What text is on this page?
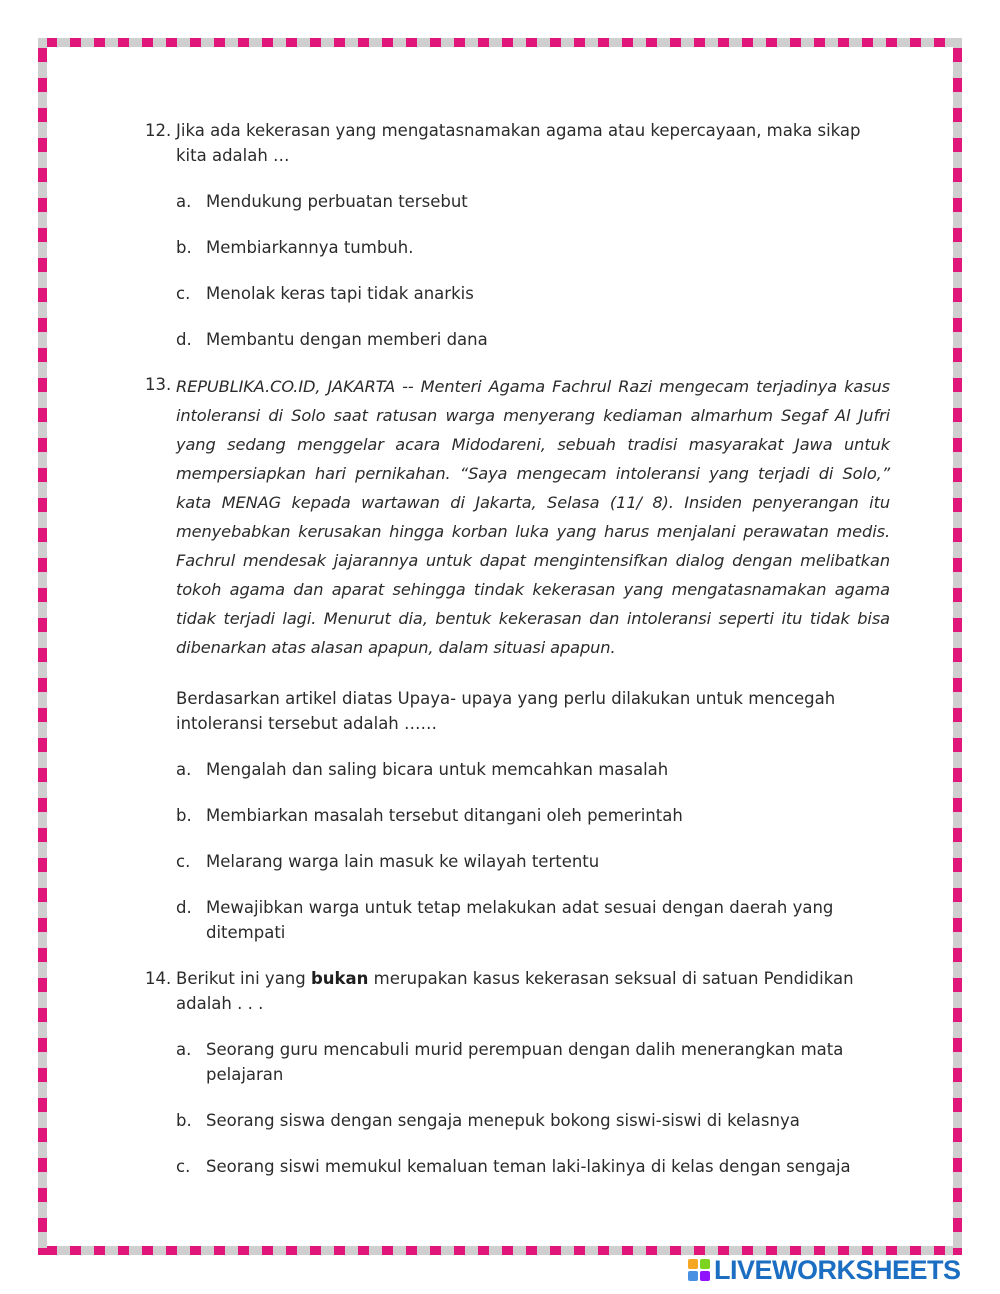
12. Jika ada kekerasan yang mengatasnamakan agama atau kepercayaan, maka sikap kita adalah …
a. Mendukung perbuatan tersebut
b. Membiarkannya tumbuh.
c. Menolak keras tapi tidak anarkis
d. Membantu dengan memberi dana
13. REPUBLIKA.CO.ID, JAKARTA -- Menteri Agama Fachrul Razi mengecam terjadinya kasus intoleransi di Solo saat ratusan warga menyerang kediaman almarhum Segaf Al Jufri yang sedang menggelar acara Midodareni, sebuah tradisi masyarakat Jawa untuk mempersiapkan hari pernikahan. “Saya mengecam intoleransi yang terjadi di Solo,” kata MENAG kepada wartawan di Jakarta, Selasa (11/ 8). Insiden penyerangan itu menyebabkan kerusakan hingga korban luka yang harus menjalani perawatan medis. Fachrul mendesak jajarannya untuk dapat mengintensifkan dialog dengan melibatkan tokoh agama dan aparat sehingga tindak kekerasan yang mengatasnamakan agama tidak terjadi lagi. Menurut dia, bentuk kekerasan dan intoleransi seperti itu tidak bisa dibenarkan atas alasan apapun, dalam situasi apapun.
Berdasarkan artikel diatas Upaya- upaya yang perlu dilakukan untuk mencegah intoleransi tersebut adalah ……
a. Mengalah dan saling bicara untuk memcahkan masalah
b. Membiarkan masalah tersebut ditangani oleh pemerintah
c. Melarang warga lain masuk ke wilayah tertentu
d. Mewajibkan warga untuk tetap melakukan adat sesuai dengan daerah yang ditempati
14. Berikut ini yang bukan merupakan kasus kekerasan seksual di satuan Pendidikan adalah . . .
a. Seorang guru mencabuli murid perempuan dengan dalih menerangkan mata pelajaran
b. Seorang siswa dengan sengaja menepuk bokong siswi-siswi di kelasnya
c. Seorang siswi memukul kemaluan teman laki-lakinya di kelas dengan sengaja
LIVEWORKSHEETS
